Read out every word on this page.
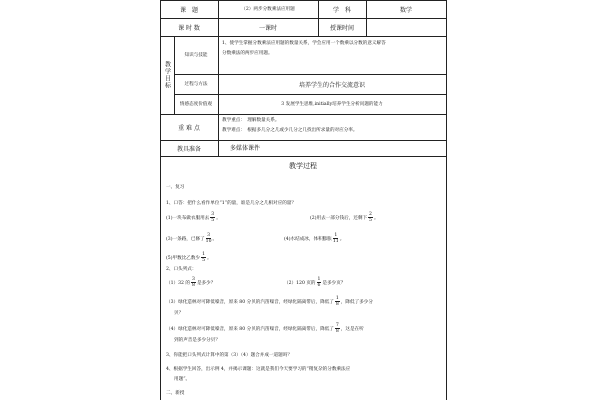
课　题	（2）两步分数乘法应用题	学　科	数学
课 时 数	一课时	授课时间
教学目标
知识与技能
1、使学生掌握分数乘法应用题的数量关系，学会应用一个数乘以分数的意义解答
分数乘法的两步应用题。
过程与方法	培养学生的合作交流意识
情感态度价值观	3 发展学生思维,initially培养学生分析问题的能力
重 难 点
教学重点：　理解数量关系。
教学难点：　根据多几分之几或少几分之几找出所求量的对应分率。
教具准备	多媒体课件
教学过程
一、复习
1、口答：把什么看作单位“1”的量，谁是几分之几相对应的量？
(1)一块布做衣服用去 $\frac{3}{5}$ 。	(2)用去一部分钱后，还剩下 $\frac{2}{5}$ 。
(3)一条路，已修了 $\frac{3}{10}$ 。	(4)水结成冰，体积膨胀 $\frac{1}{11}$ 。
(5)甲数比乙数少 $\frac{1}{5}$ 。
2、口头列式：
（1）32 的 $\frac{3}{8}$ 是多少？	（2）120 页的 $\frac{1}{6}$ 是多少页？
（3）绿化造林对可降低噪音，原来 80 分贝的汽笛噪音，经绿化隔离带后，降低了 $\frac{1}{8}$ ，降低了多少分
贝？
（4）绿化造林对可降低噪音，原来 80 分贝的汽笛噪音，经绿化隔离带后，降低了 $\frac{7}{8}$ ，这是在听
到的声音是多少分贝？
3、你能把口头列式计算中的第（3）（4）题合并成一道题吗？
4、根据学生回答，出示例 4，并揭示课题：这就是我们今天要学习的“稍复杂的分数乘法应
用题”。
二、新授
